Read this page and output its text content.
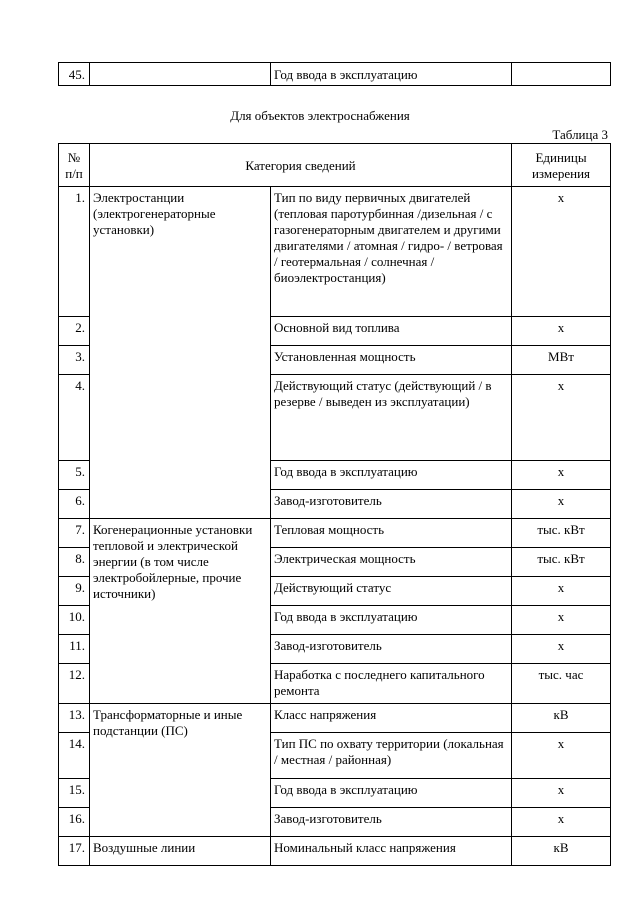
45.		Год ввода в эксплуатацию	
Для объектов электроснабжения
Таблица 3
№ п/п	Категория сведений		Единицы измерения
1.	Электростанции (электрогенераторные установки)	Тип по виду первичных двигателей (тепловая паротурбинная /дизельная / с газогенераторным двигателем и другими двигателями / атомная / гидро- / ветровая / геотермальная / солнечная / биоэлектростанция)	х
2.		Основной вид топлива	х
3.		Установленная мощность	МВт
4.		Действующий статус (действующий / в резерве / выведен из эксплуатации)	х
5.		Год ввода в эксплуатацию	х
6.		Завод-изготовитель	х
7.	Когенерационные установки тепловой и электрической энергии (в том числе электробойлерные, прочие источники)	Тепловая мощность	тыс. кВт
8.		Электрическая мощность	тыс. кВт
9.		Действующий статус	х
10.		Год ввода в эксплуатацию	х
11.		Завод-изготовитель	х
12.		Наработка с последнего капитального ремонта	тыс. час
13.	Трансформаторные и иные подстанции (ПС)	Класс напряжения	кВ
14.		Тип ПС по охвату территории (локальная / местная / районная)	х
15.		Год ввода в эксплуатацию	х
16.		Завод-изготовитель	х
17.	Воздушные линии	Номинальный класс напряжения	кВ
